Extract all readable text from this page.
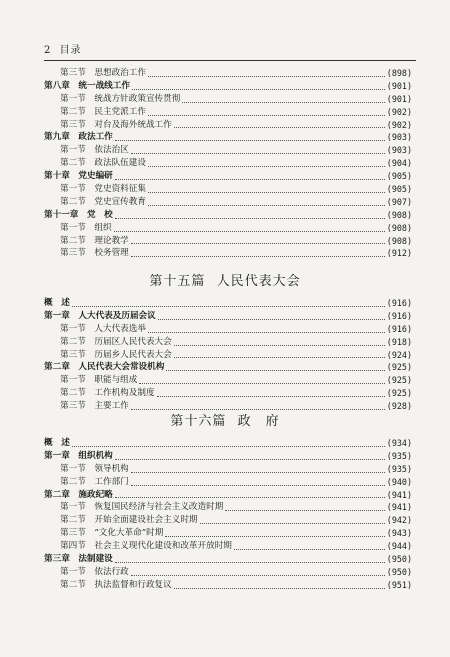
2 目录
第三节　思想政治工作	(898)
第八章　统一战线工作	(901)
第一节　统战方针政策宣传贯彻	(901)
第二节　民主党派工作	(902)
第三节　对台及海外统战工作	(902)
第九章　政法工作	(903)
第一节　依法治区	(903)
第二节　政法队伍建设	(904)
第十章　党史编研	(905)
第一节　党史资料征集	(905)
第二节　党史宣传教育	(907)
第十一章　党　校	(908)
第一节　组织	(908)
第二节　理论教学	(908)
第三节　校务管理	(912)
第十五篇 人民代表大会
概　述	(916)
第一章　人大代表及历届会议	(916)
第一节　人大代表选举	(916)
第二节　历届区人民代表大会	(918)
第三节　历届乡人民代表大会	(924)
第二章　人民代表大会常设机构	(925)
第一节　职能与组成	(925)
第二节　工作机构及制度	(925)
第三节　主要工作	(928)
第十六篇 政　府
概　述	(934)
第一章　组织机构	(935)
第一节　领导机构	(935)
第二节　工作部门	(940)
第二章　施政纪略	(941)
第一节　恢复国民经济与社会主义改造时期	(941)
第二节　开始全面建设社会主义时期	(942)
第三节　“文化大革命”时期	(943)
第四节　社会主义现代化建设和改革开放时期	(944)
第三章　法制建设	(950)
第一节　依法行政	(950)
第二节　执法监督和行政复议	(951)
